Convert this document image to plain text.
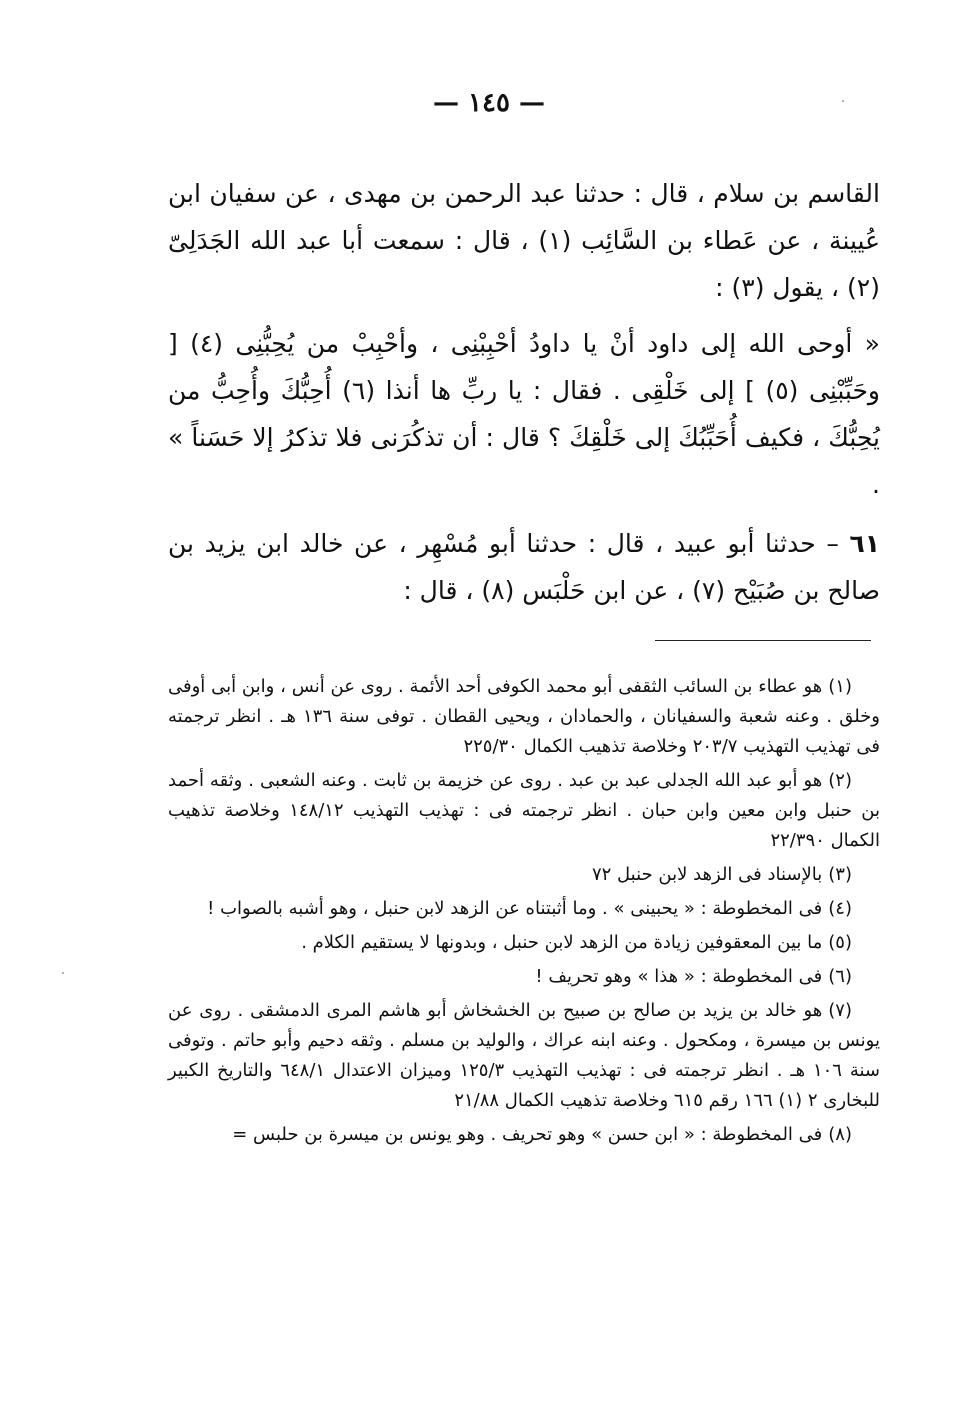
— ١٤٥ —

القاسم بن سلام ، قال : حدثنا عبد الرحمن بن مهدى ، عن سفيان ابن عُيينة ، عن عَطاء بن السَّائِب (١) ، قال : سمعت أبا عبد الله الجَدَلِىّ (٢) ، يقول (٣) :

« أوحى الله إلى داود أنْ يا داودُ أحْبِبْنِى ، وأحْبِبْ من يُحِبُّنِى (٤) [ وحَبِّبْنِى (٥) ] إلى خَلْقِى . فقال : يا ربِّ ها أنذا (٦) أُحِبُّكَ وأُحِبُّ من يُحِبُّكَ ، فكيف أُحَبِّبُكَ إلى خَلْقِكَ ؟ قال : أن تذكُرَنى فلا تذكرُ إلا حَسَناً » .

٦١ – حدثنا أبو عبيد ، قال : حدثنا أبو مُسْهِر ، عن خالد ابن يزيد بن صالح بن صُبَيْح (٧) ، عن ابن حَلْبَس (٨) ، قال :

(١)هو عطاء بن السائب الثقفى أبو محمد الكوفى أحد الأئمة . روى عن أنس ، وابن أبى أوفى وخلق . وعنه شعبة والسفيانان ، والحمادان ، ويحيى القطان . توفى سنة ١٣٦ هـ . انظر ترجمته فى تهذيب التهذيب ٢٠٣/٧ وخلاصة تذهيب الكمال ٢٢٥/٣٠

(٢)هو أبو عبد الله الجدلى عبد بن عبد . روى عن خزيمة بن ثابت . وعنه الشعبى . وثقه أحمد بن حنبل وابن معين وابن حبان . انظر ترجمته فى : تهذيب التهذيب ١٤٨/١٢ وخلاصة تذهيب الكمال ٢٢/٣٩٠

(٣)بالإسناد فى الزهد لابن حنبل ٧٢

(٤)فى المخطوطة : « يحبينى » . وما أثبتناه عن الزهد لابن حنبل ، وهو أشبه بالصواب !

(٥)ما بين المعقوفين زيادة من الزهد لابن حنبل ، وبدونها لا يستقيم الكلام .

(٦)فى المخطوطة : « هذا » وهو تحريف !

(٧)هو خالد بن يزيد بن صالح بن صبيح بن الخشخاش أبو هاشم المرى الدمشقى . روى عن يونس بن ميسرة ، ومكحول . وعنه ابنه عراك ، والوليد بن مسلم . وثقه دحيم وأبو حاتم . وتوفى سنة ١٠٦ هـ . انظر ترجمته فى : تهذيب التهذيب ١٢٥/٣ وميزان الاعتدال ٦٤٨/١ والتاريخ الكبير للبخارى ٢ (١) ١٦٦ رقم ٦١٥ وخلاصة تذهيب الكمال ٢١/٨٨

(٨)فى المخطوطة : « ابن حسن » وهو تحريف . وهو يونس بن ميسرة بن حلبس =
